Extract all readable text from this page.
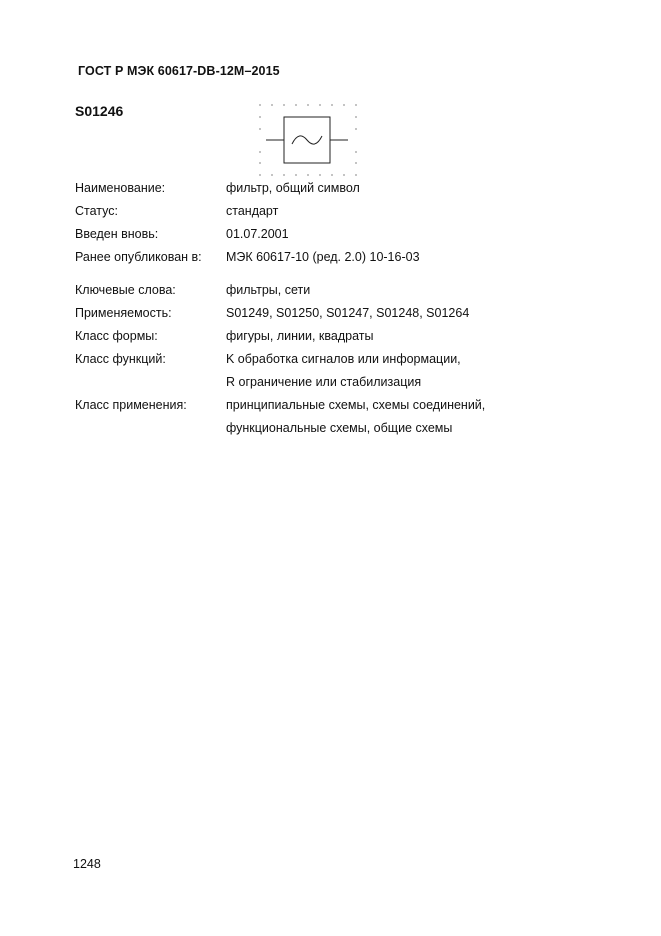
ГОСТ Р МЭК 60617-DB-12M–2015
S01246
Наименование:	фильтр, общий символ
Статус:	стандарт
Введен вновь:	01.07.2001
Ранее опубликован в: МЭК 60617-10 (ред. 2.0) 10-16-03
Ключевые слова:	фильтры, сети
Применяемость:	S01249, S01250, S01247, S01248, S01264
Класс формы:	фигуры, линии, квадраты
Класс функций:	K обработка сигналов или информации,
R ограничение или стабилизация
Класс применения:	принципиальные схемы, схемы соединений,
функциональные схемы, общие схемы
1248
